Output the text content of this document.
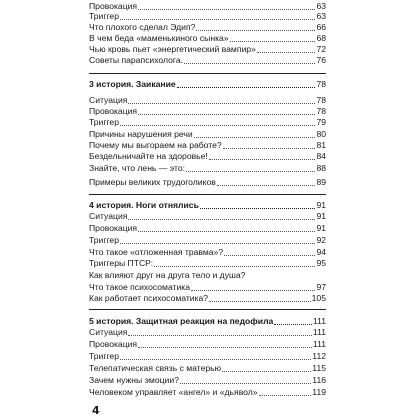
Провокация	63
Триггер	63
Что плохого сделал Эдип?	66
В чем беда «маменькиного сынка»	68
Чью кровь пьет «энергетический вампир»	72
Советы парапсихолога.	76
3 история. Заикание	78
Ситуация	78
Провокация	78
Триггер	79
Причины нарушения речи	80
Почему мы выгораем на работе?	81
Бездельничайте на здоровье!	84
Знайте, что лень — это:	88
Примеры великих трудоголиков	89
4 история. Ноги отнялись	91
Ситуация	91
Провокация	91
Триггер	92
Что такое «отложенная травма»?	94
Триггеры ПТСР:	95
Как влияют друг на друга тело и душа?
Что такое психосоматика	97
Как работает психосоматика?	105
5 история. Защитная реакция на педофила	111
Ситуация	111
Провокация	111
Триггер	112
Телепатическая связь с матерью	115
Зачем нужны эмоции?	116
Человеком управляет «ангел» и «дьявол»	119
4
